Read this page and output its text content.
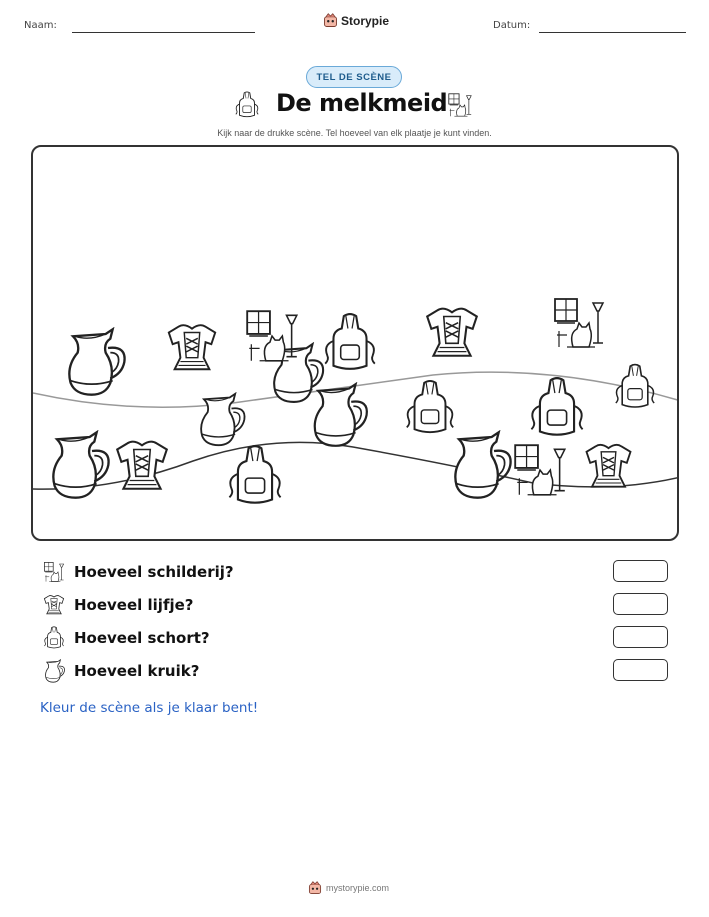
Naam:	Storypie	Datum:
TEL DE SCÈNE
De melkmeid
Kijk naar de drukke scène. Tel hoeveel van elk plaatje je kunt vinden.
Hoeveel schilderij?
Hoeveel lijfje?
Hoeveel schort?
Hoeveel kruik?
Kleur de scène als je klaar bent!
mystorypie.com
